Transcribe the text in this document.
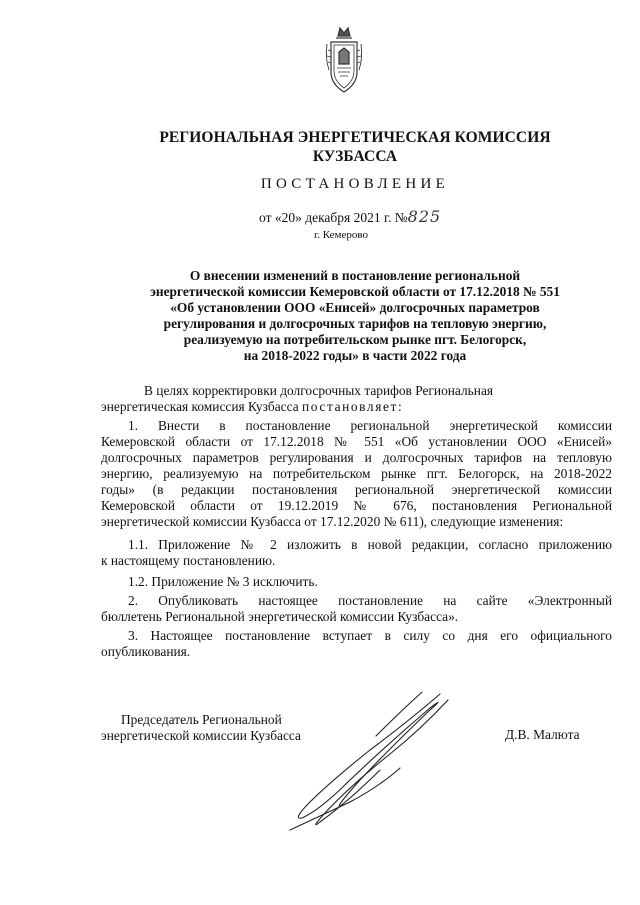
РЕГИОНАЛЬНАЯ ЭНЕРГЕТИЧЕСКАЯ КОМИССИЯ
КУЗБАССА
ПОСТАНОВЛЕНИЕ
от «20» декабря 2021 г. №825
г. Кемерово
О внесении изменений в постановление региональной
энергетической комиссии Кемеровской области от 17.12.2018 № 551
«Об установлении ООО «Енисей» долгосрочных параметров
регулирования и долгосрочных тарифов на тепловую энергию,
реализуемую на потребительском рынке пгт. Белогорск,
на 2018-2022 годы» в части 2022 года
В целях корректировки долгосрочных тарифов Региональная
энергетическая комиссия Кузбасса постановляет:
1. Внести в постановление региональной энергетической комиссии
Кемеровской области от 17.12.2018 № 551 «Об установлении ООО «Енисей»
долгосрочных параметров регулирования и долгосрочных тарифов на тепловую
энергию, реализуемую на потребительском рынке пгт. Белогорск, на 2018-2022
годы» (в редакции постановления региональной энергетической комиссии
Кемеровской области от 19.12.2019 № 676, постановления Региональной
энергетической комиссии Кузбасса от 17.12.2020 № 611), следующие изменения:
1.1. Приложение № 2 изложить в новой редакции, согласно приложению
к настоящему постановлению.
1.2. Приложение № 3 исключить.
2. Опубликовать настоящее постановление на сайте «Электронный
бюллетень Региональной энергетической комиссии Кузбасса».
3. Настоящее постановление вступает в силу со дня его официального
опубликования.
Председатель Региональной
энергетической комиссии Кузбасса	Д.В. Малюта
